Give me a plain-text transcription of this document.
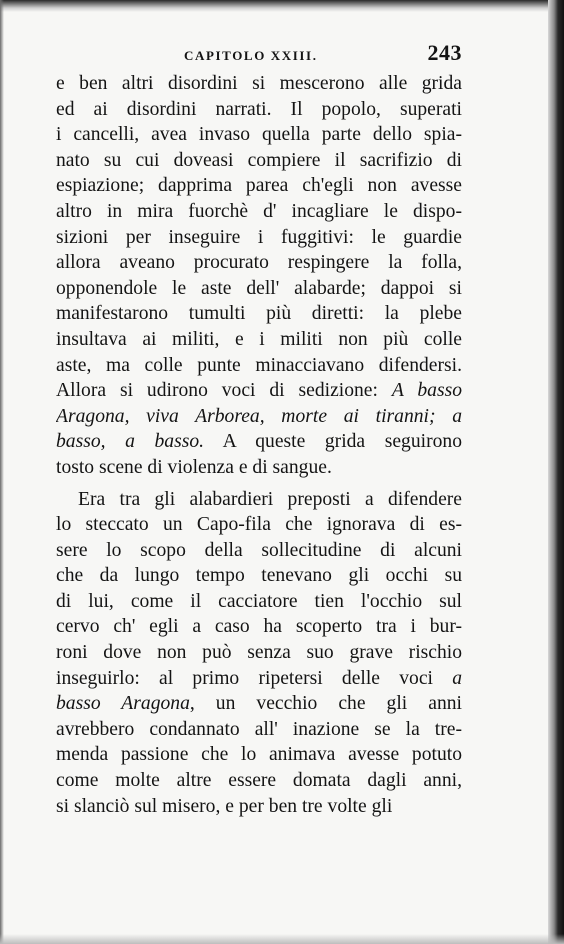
CAPITOLO XXIII.	243
e ben altri disordini si mescerono alle grida
ed ai disordini narrati. Il popolo, superati
i cancelli, avea invaso quella parte dello spia-
nato su cui doveasi compiere il sacrifizio di
espiazione; dapprima parea ch'egli non avesse
altro in mira fuorchè d' incagliare le dispo-
sizioni per inseguire i fuggitivi: le guardie
allora aveano procurato respingere la folla,
opponendole le aste dell' alabarde; dappoi si
manifestarono tumulti più diretti: la plebe
insultava ai militi, e i militi non più colle
aste, ma colle punte minacciavano difendersi.
Allora si udirono voci di sedizione: A basso
Aragona, viva Arborea, morte ai tiranni; a
basso, a basso. A queste grida seguirono
tosto scene di violenza e di sangue.
Era tra gli alabardieri preposti a difendere
lo steccato un Capo-fila che ignorava di es-
sere lo scopo della sollecitudine di alcuni
che da lungo tempo tenevano gli occhi su
di lui, come il cacciatore tien l'occhio sul
cervo ch' egli a caso ha scoperto tra i bur-
roni dove non può senza suo grave rischio
inseguirlo: al primo ripetersi delle voci a
basso Aragona, un vecchio che gli anni
avrebbero condannato all' inazione se la tre-
menda passione che lo animava avesse potuto
come molte altre essere domata dagli anni,
si slanciò sul misero, e per ben tre volte gli
